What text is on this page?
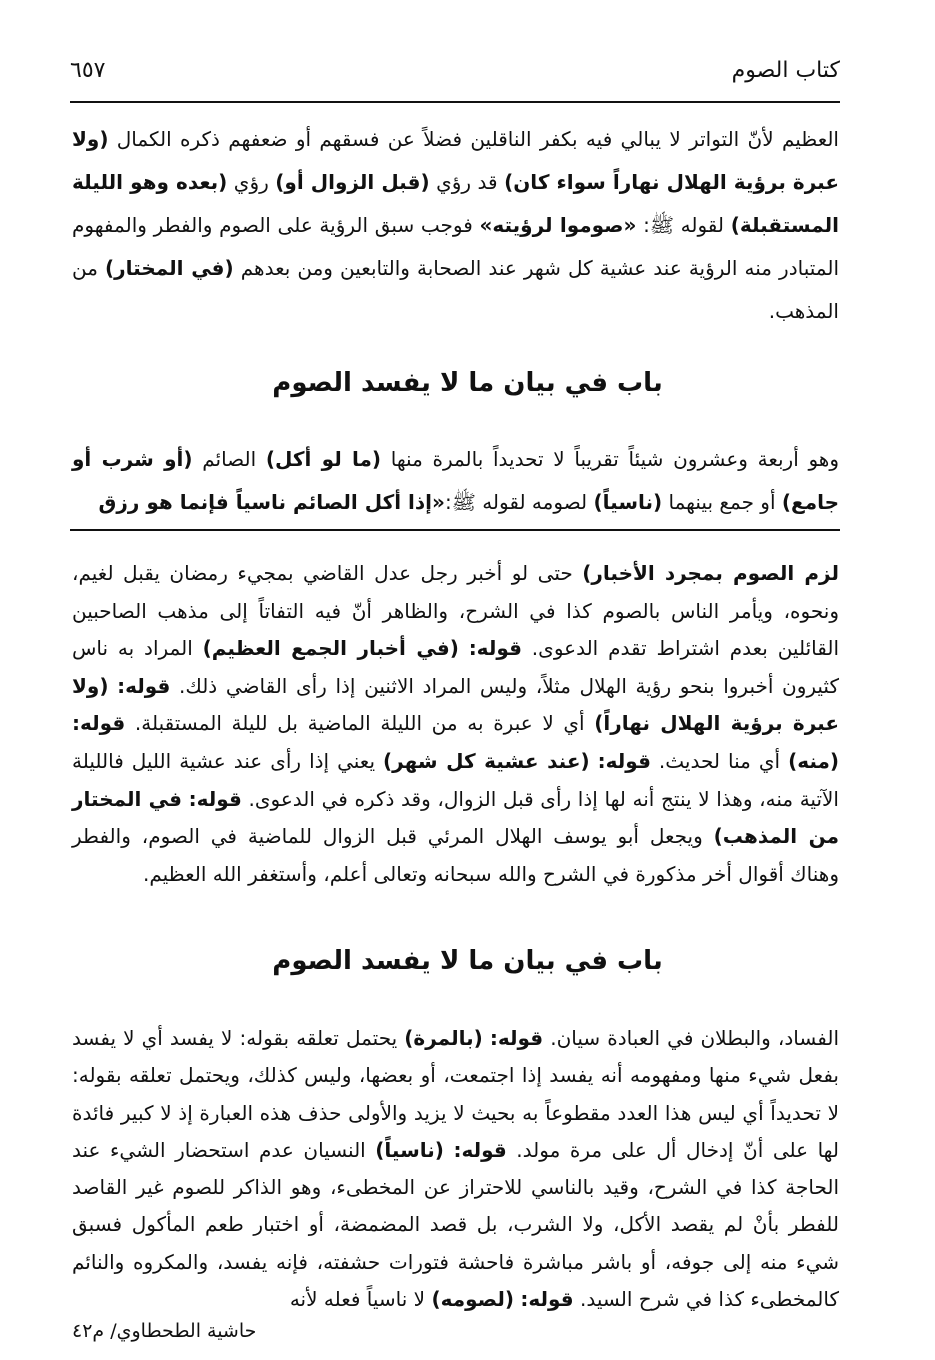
كتاب الصوم
٦٥٧

العظيم لأنّ التواتر لا يبالي فيه بكفر الناقلين فضلاً عن فسقهم أو ضعفهم ذكره الكمال (ولا عبرة برؤية الهلال نهاراً سواء كان) قد رؤي (قبل الزوال أو) رؤي (بعده وهو الليلة المستقبلة) لقوله ﷺ: «صوموا لرؤيته» فوجب سبق الرؤية على الصوم والفطر والمفهوم المتبادر منه الرؤية عند عشية كل شهر عند الصحابة والتابعين ومن بعدهم (في المختار) من المذهب.

باب في بيان ما لا يفسد الصوم

وهو أربعة وعشرون شيئاً تقريباً لا تحديداً بالمرة منها (ما لو أكل) الصائم (أو شرب أو جامع) أو جمع بينهما (ناسياً) لصومه لقوله ﷺ:«إذا أكل الصائم ناسياً فإنما هو رزق

لزم الصوم بمجرد الأخبار) حتى لو أخبر رجل عدل القاضي بمجيء رمضان يقبل لغيم، ونحوه، ويأمر الناس بالصوم كذا في الشرح، والظاهر أنّ فيه التفاتاً إلى مذهب الصاحبين القائلين بعدم اشتراط تقدم الدعوى. قوله: (في أخبار الجمع العظيم) المراد به ناس كثيرون أخبروا بنحو رؤية الهلال مثلاً، وليس المراد الاثنين إذا رأى القاضي ذلك. قوله: (ولا عبرة برؤية الهلال نهاراً) أي لا عبرة به من الليلة الماضية بل لليلة المستقبلة. قوله: (منه) أي منا لحديث. قوله: (عند عشية كل شهر) يعني إذا رأى عند عشية الليل فالليلة الآتية منه، وهذا لا ينتج أنه لها إذا رأى قبل الزوال، وقد ذكره في الدعوى. قوله: في المختار من المذهب) ويجعل أبو يوسف الهلال المرئي قبل الزوال للماضية في الصوم، والفطر وهناك أقوال أخر مذكورة في الشرح والله سبحانه وتعالى أعلم، وأستغفر الله العظيم.

باب في بيان ما لا يفسد الصوم

الفساد، والبطلان في العبادة سيان. قوله: (بالمرة) يحتمل تعلقه بقوله: لا يفسد أي لا يفسد بفعل شيء منها ومفهومه أنه يفسد إذا اجتمعت، أو بعضها، وليس كذلك، ويحتمل تعلقه بقوله: لا تحديداً أي ليس هذا العدد مقطوعاً به بحيث لا يزيد والأولى حذف هذه العبارة إذ لا كبير فائدة لها على أنّ إدخال أل على مرة مولد. قوله: (ناسياً) النسيان عدم استحضار الشيء عند الحاجة كذا في الشرح، وقيد بالناسي للاحتراز عن المخطىء، وهو الذاكر للصوم غير القاصد للفطر بأنْ لم يقصد الأكل، ولا الشرب، بل قصد المضمضة، أو اختبار طعم المأكول فسبق شيء منه إلى جوفه، أو باشر مباشرة فاحشة فتورات حشفته، فإنه يفسد، والمكروه والنائم كالمخطىء كذا في شرح السيد. قوله: (لصومه) لا ناسياً فعله لأنه

حاشية الطحطاوي/ م٤٢
